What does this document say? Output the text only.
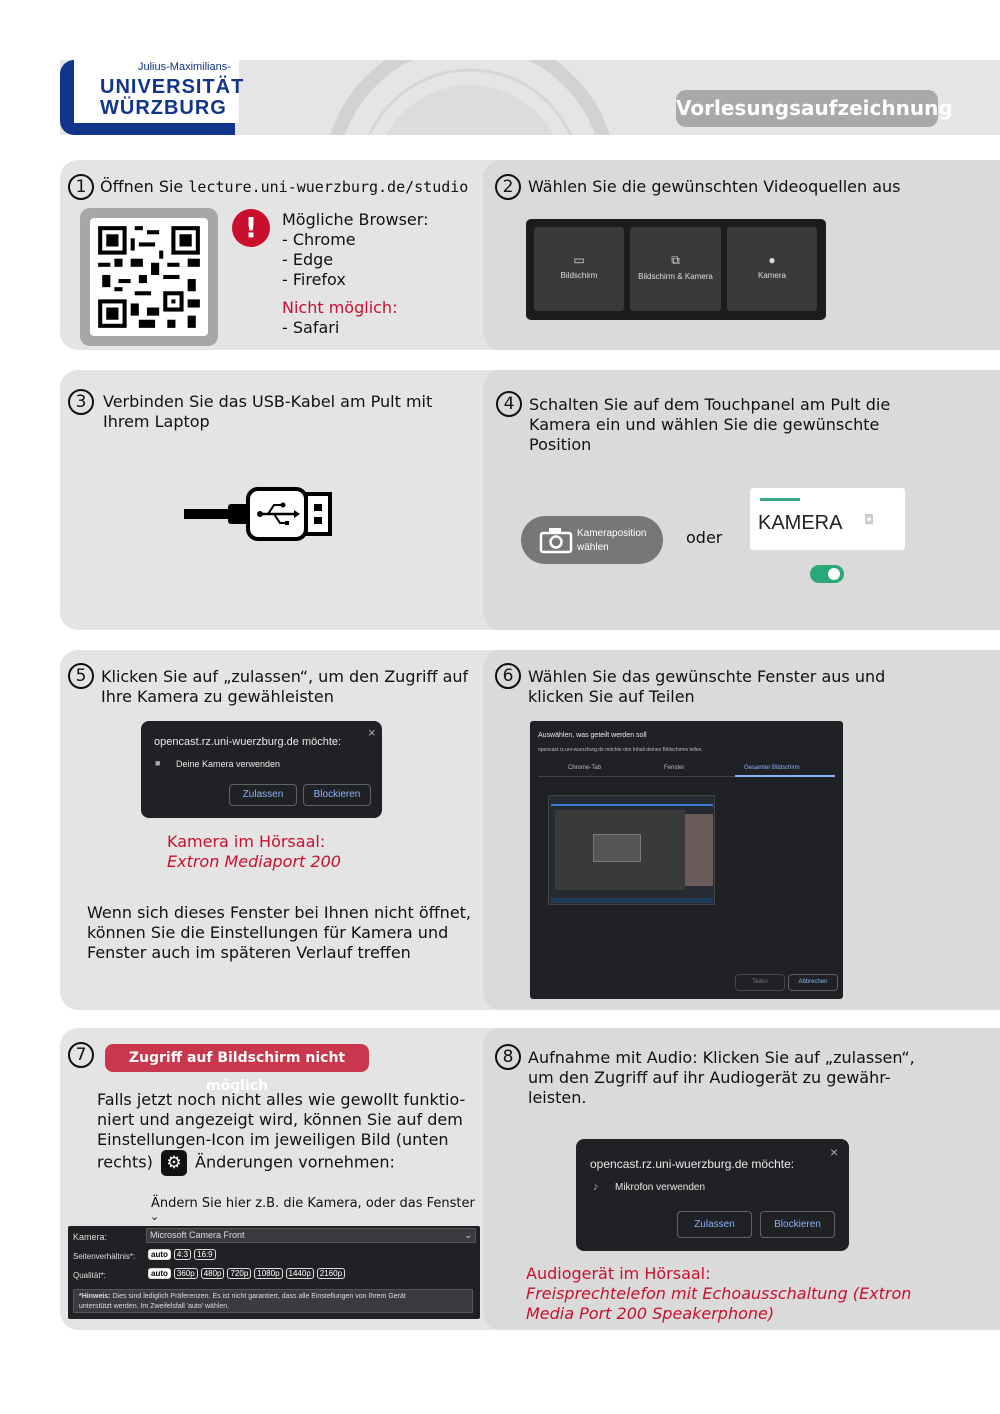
Julius-Maximilians-
UNIVERSITÄT
WÜRZBURG	Vorlesungsaufzeichnung
1 Öffnen Sie lecture.uni-wuerzburg.de/studio
!	Mögliche Browser:
- Chrome
- Edge
- Firefox
Nicht möglich:
- Safari
2 Wählen Sie die gewünschten Videoquellen aus
▭
Bildschirm
⧉
Bildschirm & Kamera
●
Kamera
3	Verbinden Sie das USB-Kabel am Pult mit
Ihrem Laptop
4 Schalten Sie auf dem Touchpanel am Pult die
Kamera ein und wählen Sie die gewünschte
Position
Kameraposition
wählen
oder
KAMERA ◘
5 Klicken Sie auf „zulassen“, um den Zugriff auf
Ihre Kamera zu gewähleisten
opencast.rz.uni-wuerzburg.de möchte:
×
■ Deine Kamera verwenden
Zulassen	Blockieren
Kamera im Hörsaal:
Extron Mediaport 200
Wenn sich dieses Fenster bei Ihnen nicht öffnet,
können Sie die Einstellungen für Kamera und
Fenster auch im späteren Verlauf treffen
6 Wählen Sie das gewünschte Fenster aus und
klicken Sie auf Teilen
Auswählen, was geteilt werden soll
opencast.rz.uni-wuerzburg.de möchte den Inhalt deines Bildschirms teilen.
Chrome-Tab	Fenster	Gesamter Bildschirm
Teilen	Abbrechen
7	Zugriff auf Bildschirm nicht möglich
Falls jetzt noch nicht alles wie gewollt funktio-
niert und angezeigt wird, können Sie auf dem
Einstellungen-Icon im jeweiligen Bild (unten
rechts) ⚙ Änderungen vornehmen:
Ändern Sie hier z.B. die Kamera, oder das Fenster
⌄
Kamera:	Microsoft Camera Front	⌄
Seitenverhältnis*:	auto	4:3	16:9
Qualität*:	auto	360p	480p	720p	1080p	1440p	2160p
*Hinweis: Dies sind lediglich Präferenzen. Es ist nicht garantiert, dass alle Einstellungen von Ihrem Gerät
unterstützt werden. Im Zweifelsfall 'auto' wählen.
8 Aufnahme mit Audio: Klicken Sie auf „zulassen“,
um den Zugriff auf ihr Audiogerät zu gewähr-
leisten.
opencast.rz.uni-wuerzburg.de möchte:
×
♪ Mikrofon verwenden
Zulassen	Blockieren
Audiogerät im Hörsaal:
Freisprechtelefon mit Echoausschaltung (Extron
Media Port 200 Speakerphone)
